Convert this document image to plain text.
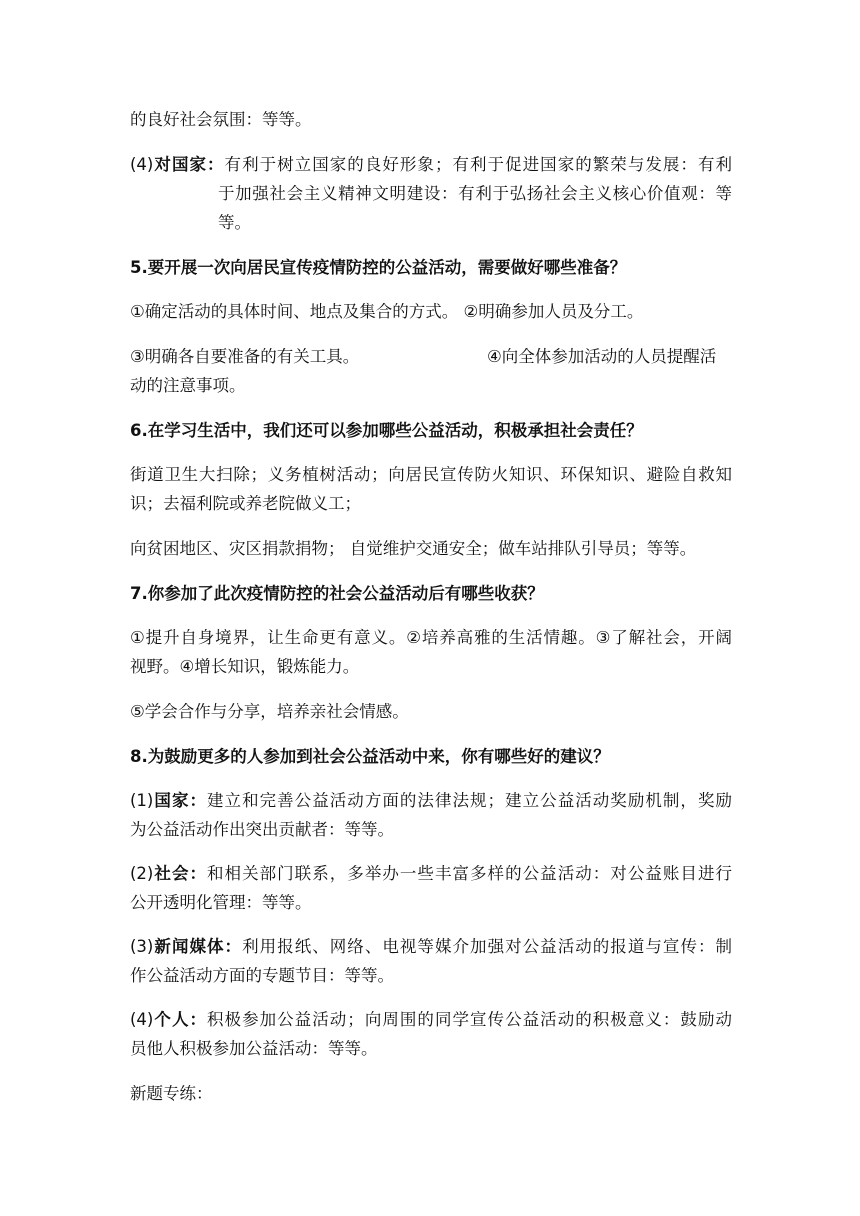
的良好社会氛围：等等。
(4)对国家：有利于树立国家的良好形象；有利于促进国家的繁荣与发展：有利
于加强社会主义精神文明建设：有利于弘扬社会主义核心价值观：等
等。
5.要开展一次向居民宣传疫情防控的公益活动，需要做好哪些准备？
①确定活动的具体时间、地点及集合的方式。 ②明确参加人员及分工。
③明确各自要准备的有关工具。	④向全体参加活动的人员提醒活
动的注意事项。
6.在学习生活中，我们还可以参加哪些公益活动，积极承担社会责任？
街道卫生大扫除；义务植树活动；向居民宣传防火知识、环保知识、避险自救知
识；去福利院或养老院做义工；
向贫困地区、灾区捐款捐物； 自觉维护交通安全；做车站排队引导员；等等。
7.你参加了此次疫情防控的社会公益活动后有哪些收获？
①提升自身境界，让生命更有意义。②培养高雅的生活情趣。③了解社会，开阔
视野。④增长知识，锻炼能力。
⑤学会合作与分享，培养亲社会情感。
8.为鼓励更多的人参加到社会公益活动中来，你有哪些好的建议？
(1)国家：建立和完善公益活动方面的法律法规；建立公益活动奖励机制，奖励
为公益活动作出突出贡献者：等等。
(2)社会：和相关部门联系，多举办一些丰富多样的公益活动：对公益账目进行
公开透明化管理：等等。
(3)新闻媒体：利用报纸、网络、电视等媒介加强对公益活动的报道与宣传：制
作公益活动方面的专题节目：等等。
(4)个人：积极参加公益活动；向周围的同学宣传公益活动的积极意义：鼓励动
员他人积极参加公益活动：等等。
新题专练：
